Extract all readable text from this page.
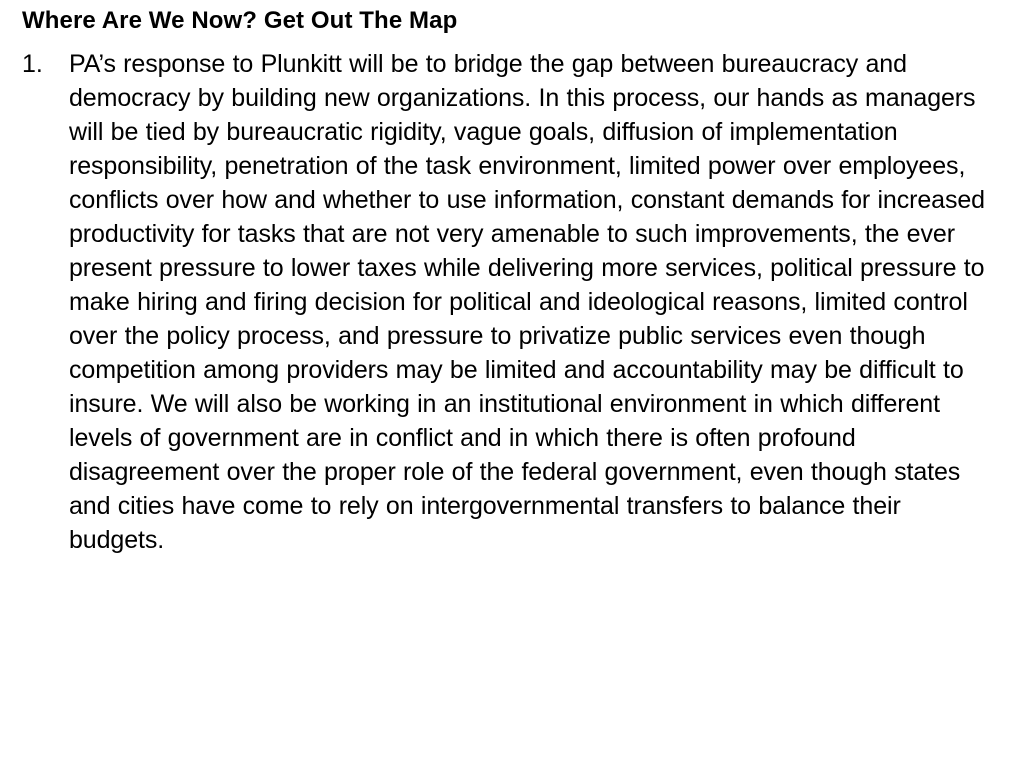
Where Are We Now? Get Out The Map
1.	PA’s response to Plunkitt will be to bridge the gap between bureaucracy and democracy by building new organizations. In this process, our hands as managers will be tied by bureaucratic rigidity, vague goals, diffusion of implementation responsibility, penetration of the task environment, limited power over employees, conflicts over how and whether to use information, constant demands for increased productivity for tasks that are not very amenable to such improvements, the ever present pressure to lower taxes while delivering more services, political pressure to make hiring and firing decision for political and ideological reasons, limited control over the policy process, and pressure to privatize public services even though competition among providers may be limited and accountability may be difficult to insure. We will also be working in an institutional environment in which different levels of government are in conflict and in which there is often profound disagreement over the proper role of the federal government, even though states and cities have come to rely on intergovernmental transfers to balance their budgets.
